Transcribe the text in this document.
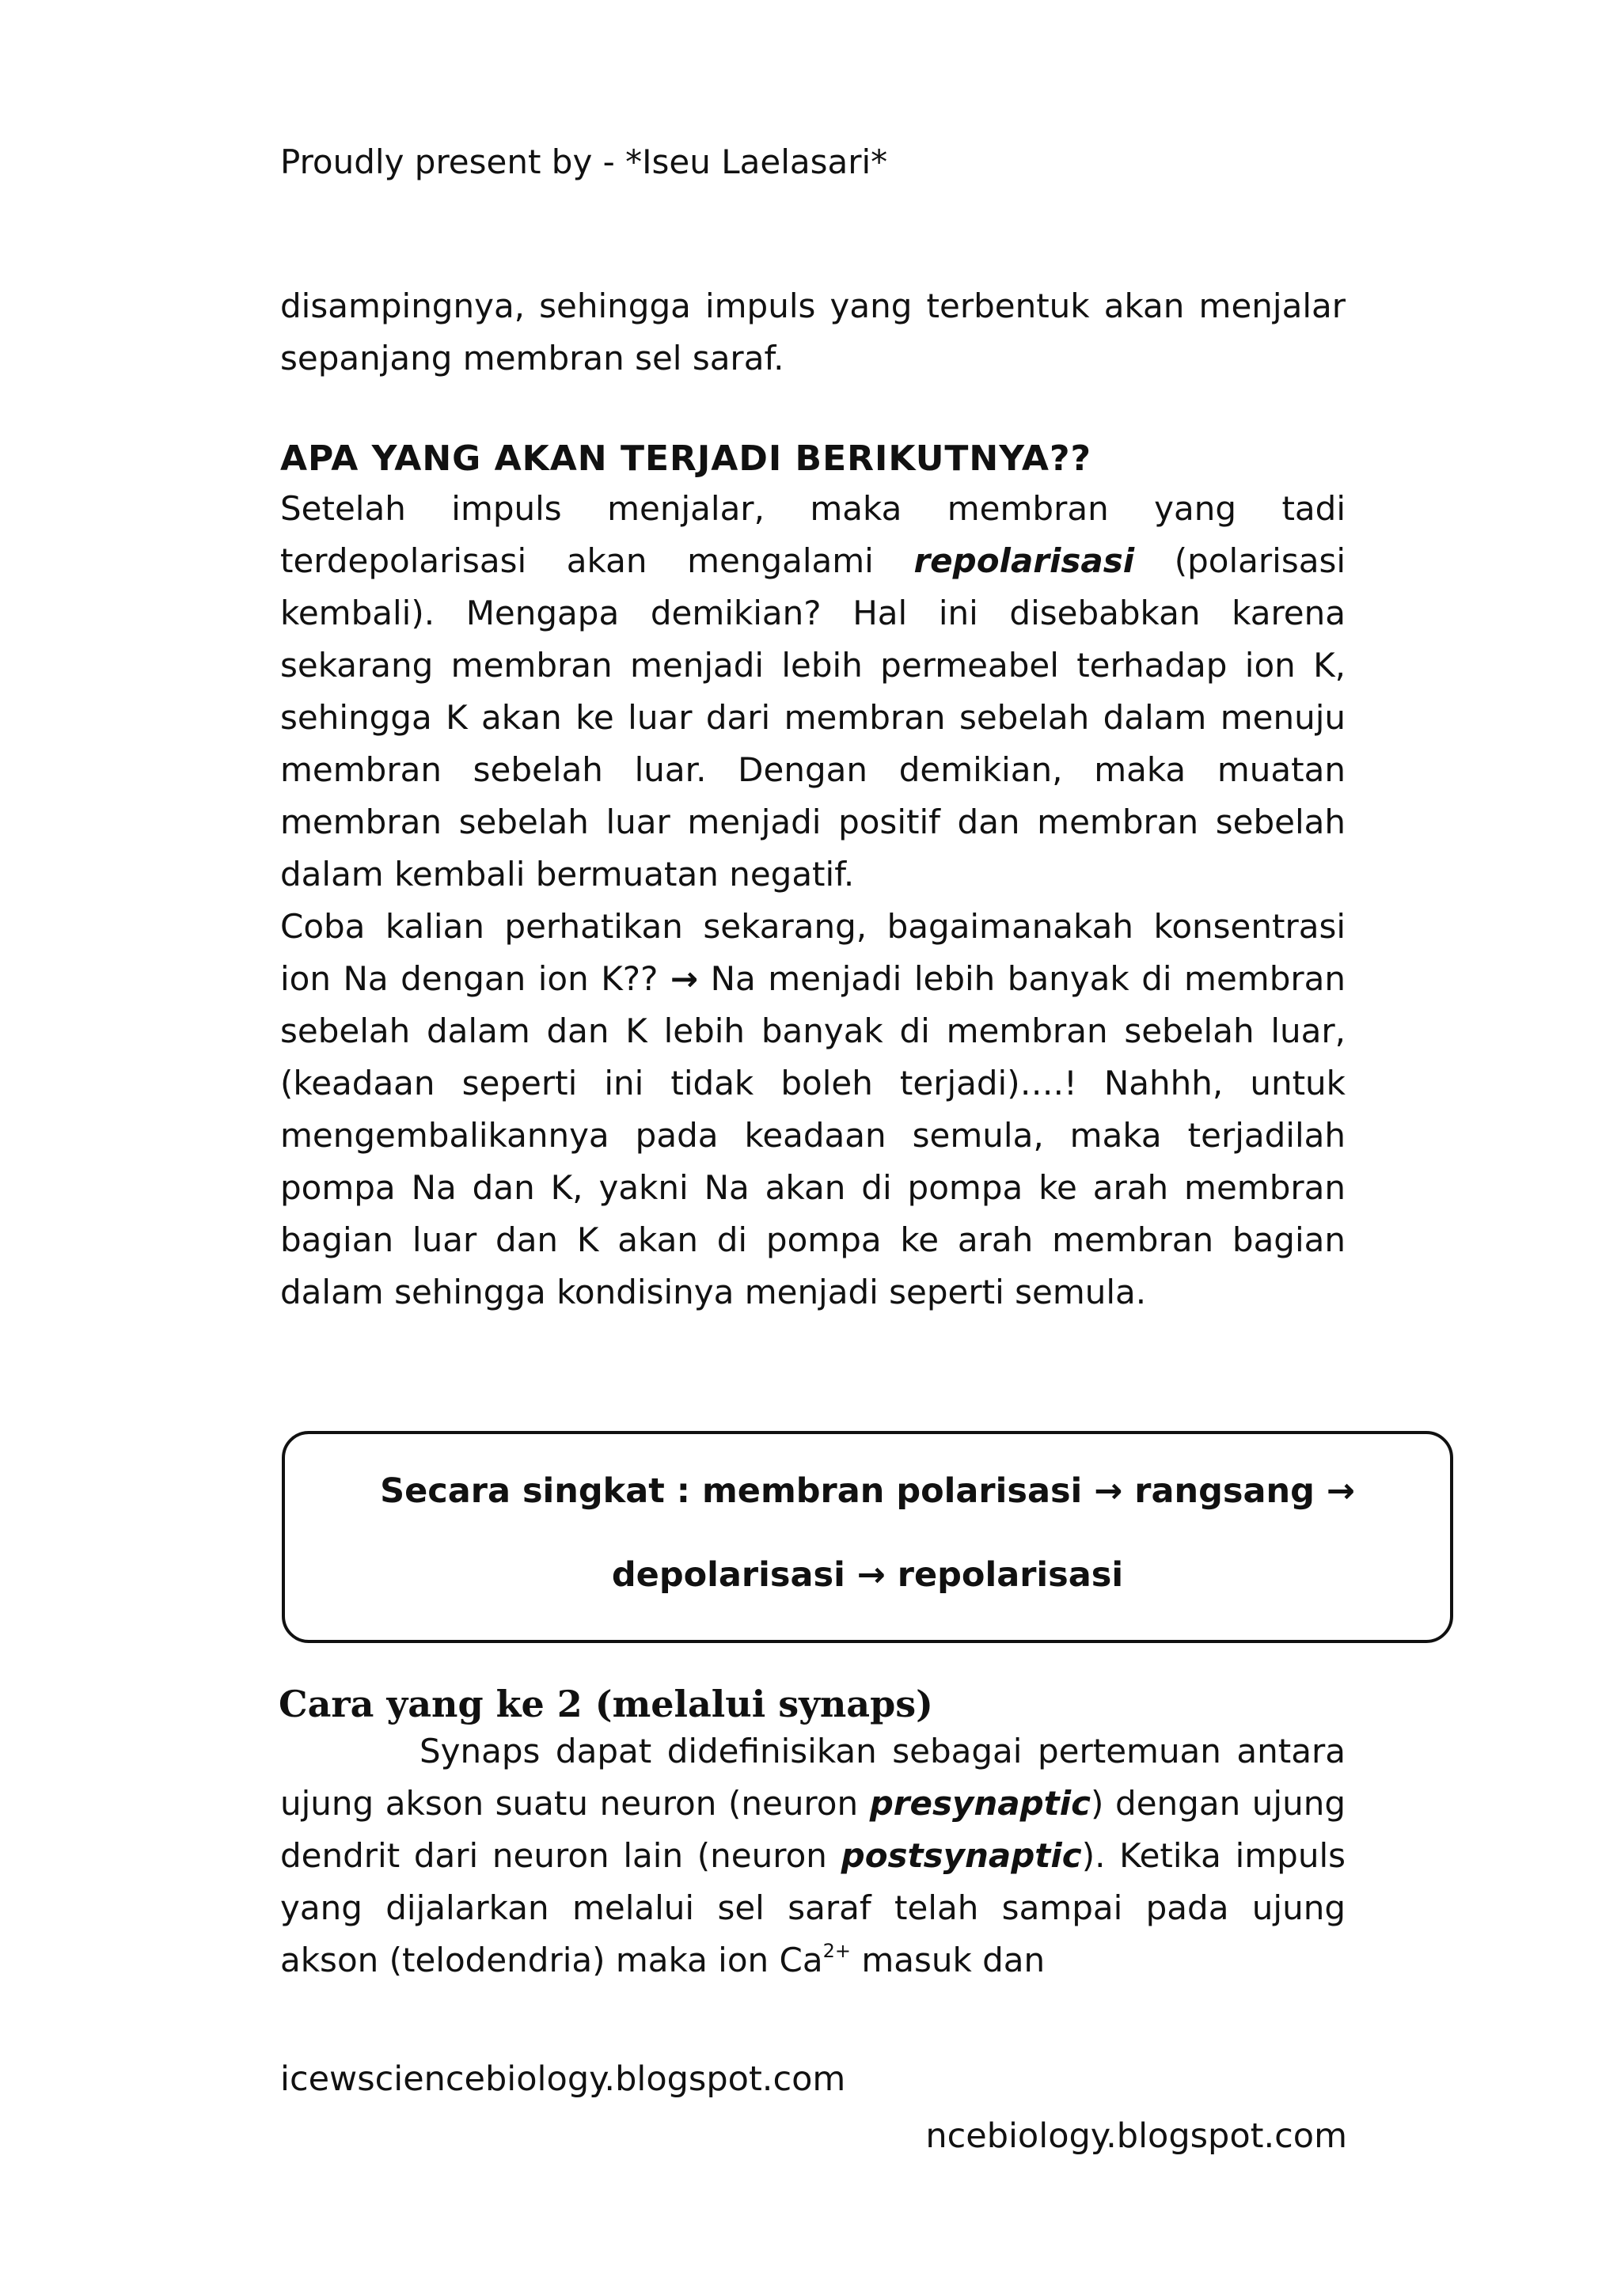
Proudly present by - *Iseu Laelasari*

disampingnya, sehingga impuls yang terbentuk akan menjalar sepanjang membran sel saraf.

APA YANG AKAN TERJADI BERIKUTNYA??

Setelah impuls menjalar, maka membran yang tadi terdepolarisasi akan mengalami repolarisasi (polarisasi kembali). Mengapa demikian? Hal ini disebabkan karena sekarang membran menjadi lebih permeabel terhadap ion K, sehingga K akan ke luar dari membran sebelah dalam menuju membran sebelah luar. Dengan demikian, maka muatan membran sebelah luar menjadi positif dan membran sebelah dalam kembali bermuatan negatif.

Coba kalian perhatikan sekarang, bagaimanakah konsentrasi ion Na dengan ion K?? → Na menjadi lebih banyak di membran sebelah dalam dan K lebih banyak di membran sebelah luar, (keadaan seperti ini tidak boleh terjadi)….! Nahhh, untuk mengembalikannya pada keadaan semula, maka terjadilah pompa Na dan K, yakni Na akan di pompa ke arah membran bagian luar dan K akan di pompa ke arah membran bagian dalam sehingga kondisinya menjadi seperti semula.

Secara singkat : membran polarisasi → rangsang →
depolarisasi → repolarisasi
Cara yang ke 2 (melalui synaps)

Synaps dapat didefinisikan sebagai pertemuan antara ujung akson suatu neuron (neuron presynaptic) dengan ujung dendrit dari neuron lain (neuron postsynaptic). Ketika impuls yang dijalarkan melalui sel saraf telah sampai pada ujung akson (telodendria) maka ion $Ca^{2+}$ masuk dan

icewsciencebiology.blogspot.com
ncebiology.blogspot.com
